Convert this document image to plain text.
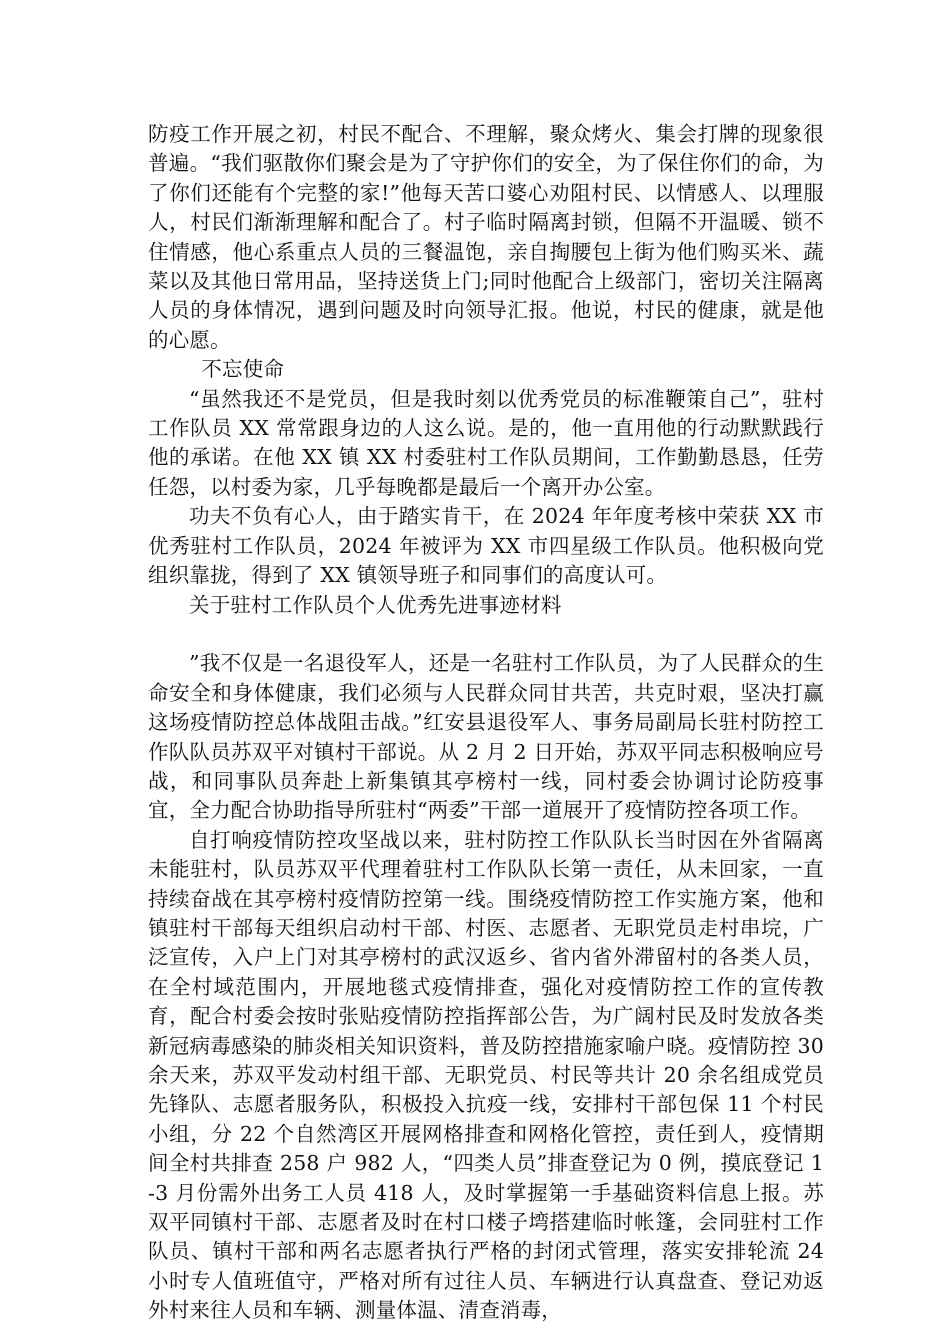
防疫工作开展之初，村民不配合、不理解，聚众烤火、集会打牌的现象很普遍。“我们驱散你们聚会是为了守护你们的安全，为了保住你们的命，为了你们还能有个完整的家!”他每天苦口婆心劝阻村民、以情感人、以理服人，村民们渐渐理解和配合了。村子临时隔离封锁，但隔不开温暖、锁不住情感，他心系重点人员的三餐温饱，亲自掏腰包上街为他们购买米、蔬菜以及其他日常用品，坚持送货上门;同时他配合上级部门，密切关注隔离人员的身体情况，遇到问题及时向领导汇报。他说，村民的健康，就是他的心愿。

不忘使命

“虽然我还不是党员，但是我时刻以优秀党员的标准鞭策自己”，驻村工作队员 XX 常常跟身边的人这么说。是的，他一直用他的行动默默践行他的承诺。在他 XX 镇 XX 村委驻村工作队员期间，工作勤勤恳恳，任劳任怨，以村委为家，几乎每晚都是最后一个离开办公室。

功夫不负有心人，由于踏实肯干，在 2024 年年度考核中荣获 XX 市优秀驻村工作队员，2024 年被评为 XX 市四星级工作队员。他积极向党组织靠拢，得到了 XX 镇领导班子和同事们的高度认可。

关于驻村工作队员个人优秀先进事迹材料

”我不仅是一名退役军人，还是一名驻村工作队员，为了人民群众的生命安全和身体健康，我们必须与人民群众同甘共苦，共克时艰，坚决打赢这场疫情防控总体战阻击战。”红安县退役军人、事务局副局长驻村防控工作队队员苏双平对镇村干部说。从 2 月 2 日开始，苏双平同志积极响应号战，和同事队员奔赴上新集镇其亭榜村一线，同村委会协调讨论防疫事宜，全力配合协助指导所驻村“两委”干部一道展开了疫情防控各项工作。

自打响疫情防控攻坚战以来，驻村防控工作队队长当时因在外省隔离未能驻村，队员苏双平代理着驻村工作队队长第一责任，从未回家，一直持续奋战在其亭榜村疫情防控第一线。围绕疫情防控工作实施方案，他和镇驻村干部每天组织启动村干部、村医、志愿者、无职党员走村串垸，广泛宣传，入户上门对其亭榜村的武汉返乡、省内省外滞留村的各类人员，在全村域范围内，开展地毯式疫情排查，强化对疫情防控工作的宣传教育，配合村委会按时张贴疫情防控指挥部公告，为广阔村民及时发放各类新冠病毒感染的肺炎相关知识资料，普及防控措施家喻户晓。疫情防控 30 余天来，苏双平发动村组干部、无职党员、村民等共计 20 余名组成党员先锋队、志愿者服务队，积极投入抗疫一线，安排村干部包保 11 个村民小组，分 22 个自然湾区开展网格排查和网格化管控，责任到人，疫情期间全村共排查 258 户 982 人，“四类人员”排查登记为 0 例，摸底登记 1-3 月份需外出务工人员 418 人，及时掌握第一手基础资料信息上报。苏双平同镇村干部、志愿者及时在村口楼子塆搭建临时帐篷，会同驻村工作队员、镇村干部和两名志愿者执行严格的封闭式管理，落实安排轮流 24 小时专人值班值守，严格对所有过往人员、车辆进行认真盘查、登记劝返外村来往人员和车辆、测量体温、清查消毒，
